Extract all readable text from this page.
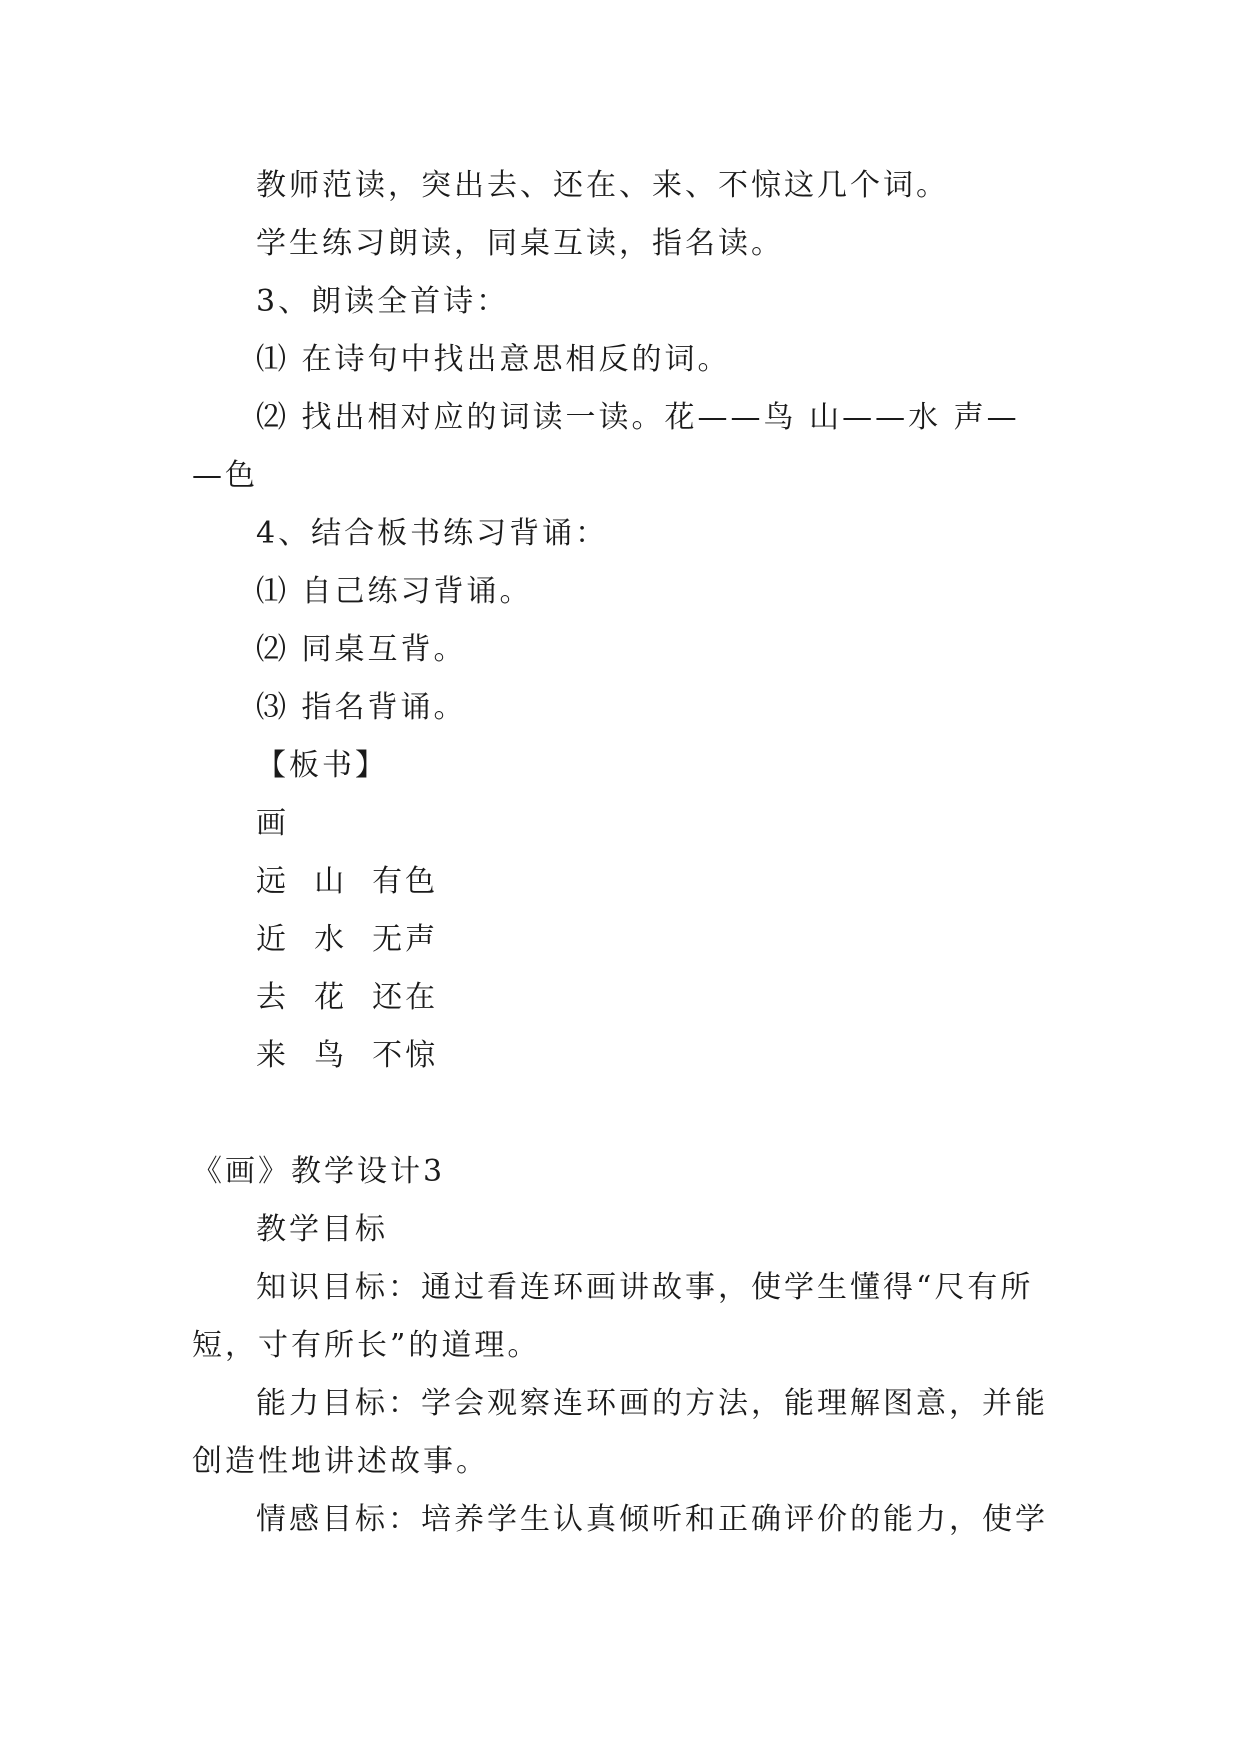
教师范读，突出去、还在、来、不惊这几个词。
学生练习朗读，同桌互读，指名读。
3、朗读全首诗：
⑴ 在诗句中找出意思相反的词。
⑵ 找出相对应的词读一读。花——鸟 山——水 声—
—色
4、结合板书练习背诵：
⑴ 自己练习背诵。
⑵ 同桌互背。
⑶ 指名背诵。
【板书】
画
远  山  有色
近  水  无声
去  花  还在
来  鸟  不惊
《画》教学设计3
教学目标
知识目标：通过看连环画讲故事，使学生懂得“尺有所
短，寸有所长”的道理。
能力目标：学会观察连环画的方法，能理解图意，并能
创造性地讲述故事。
情感目标：培养学生认真倾听和正确评价的能力，使学
